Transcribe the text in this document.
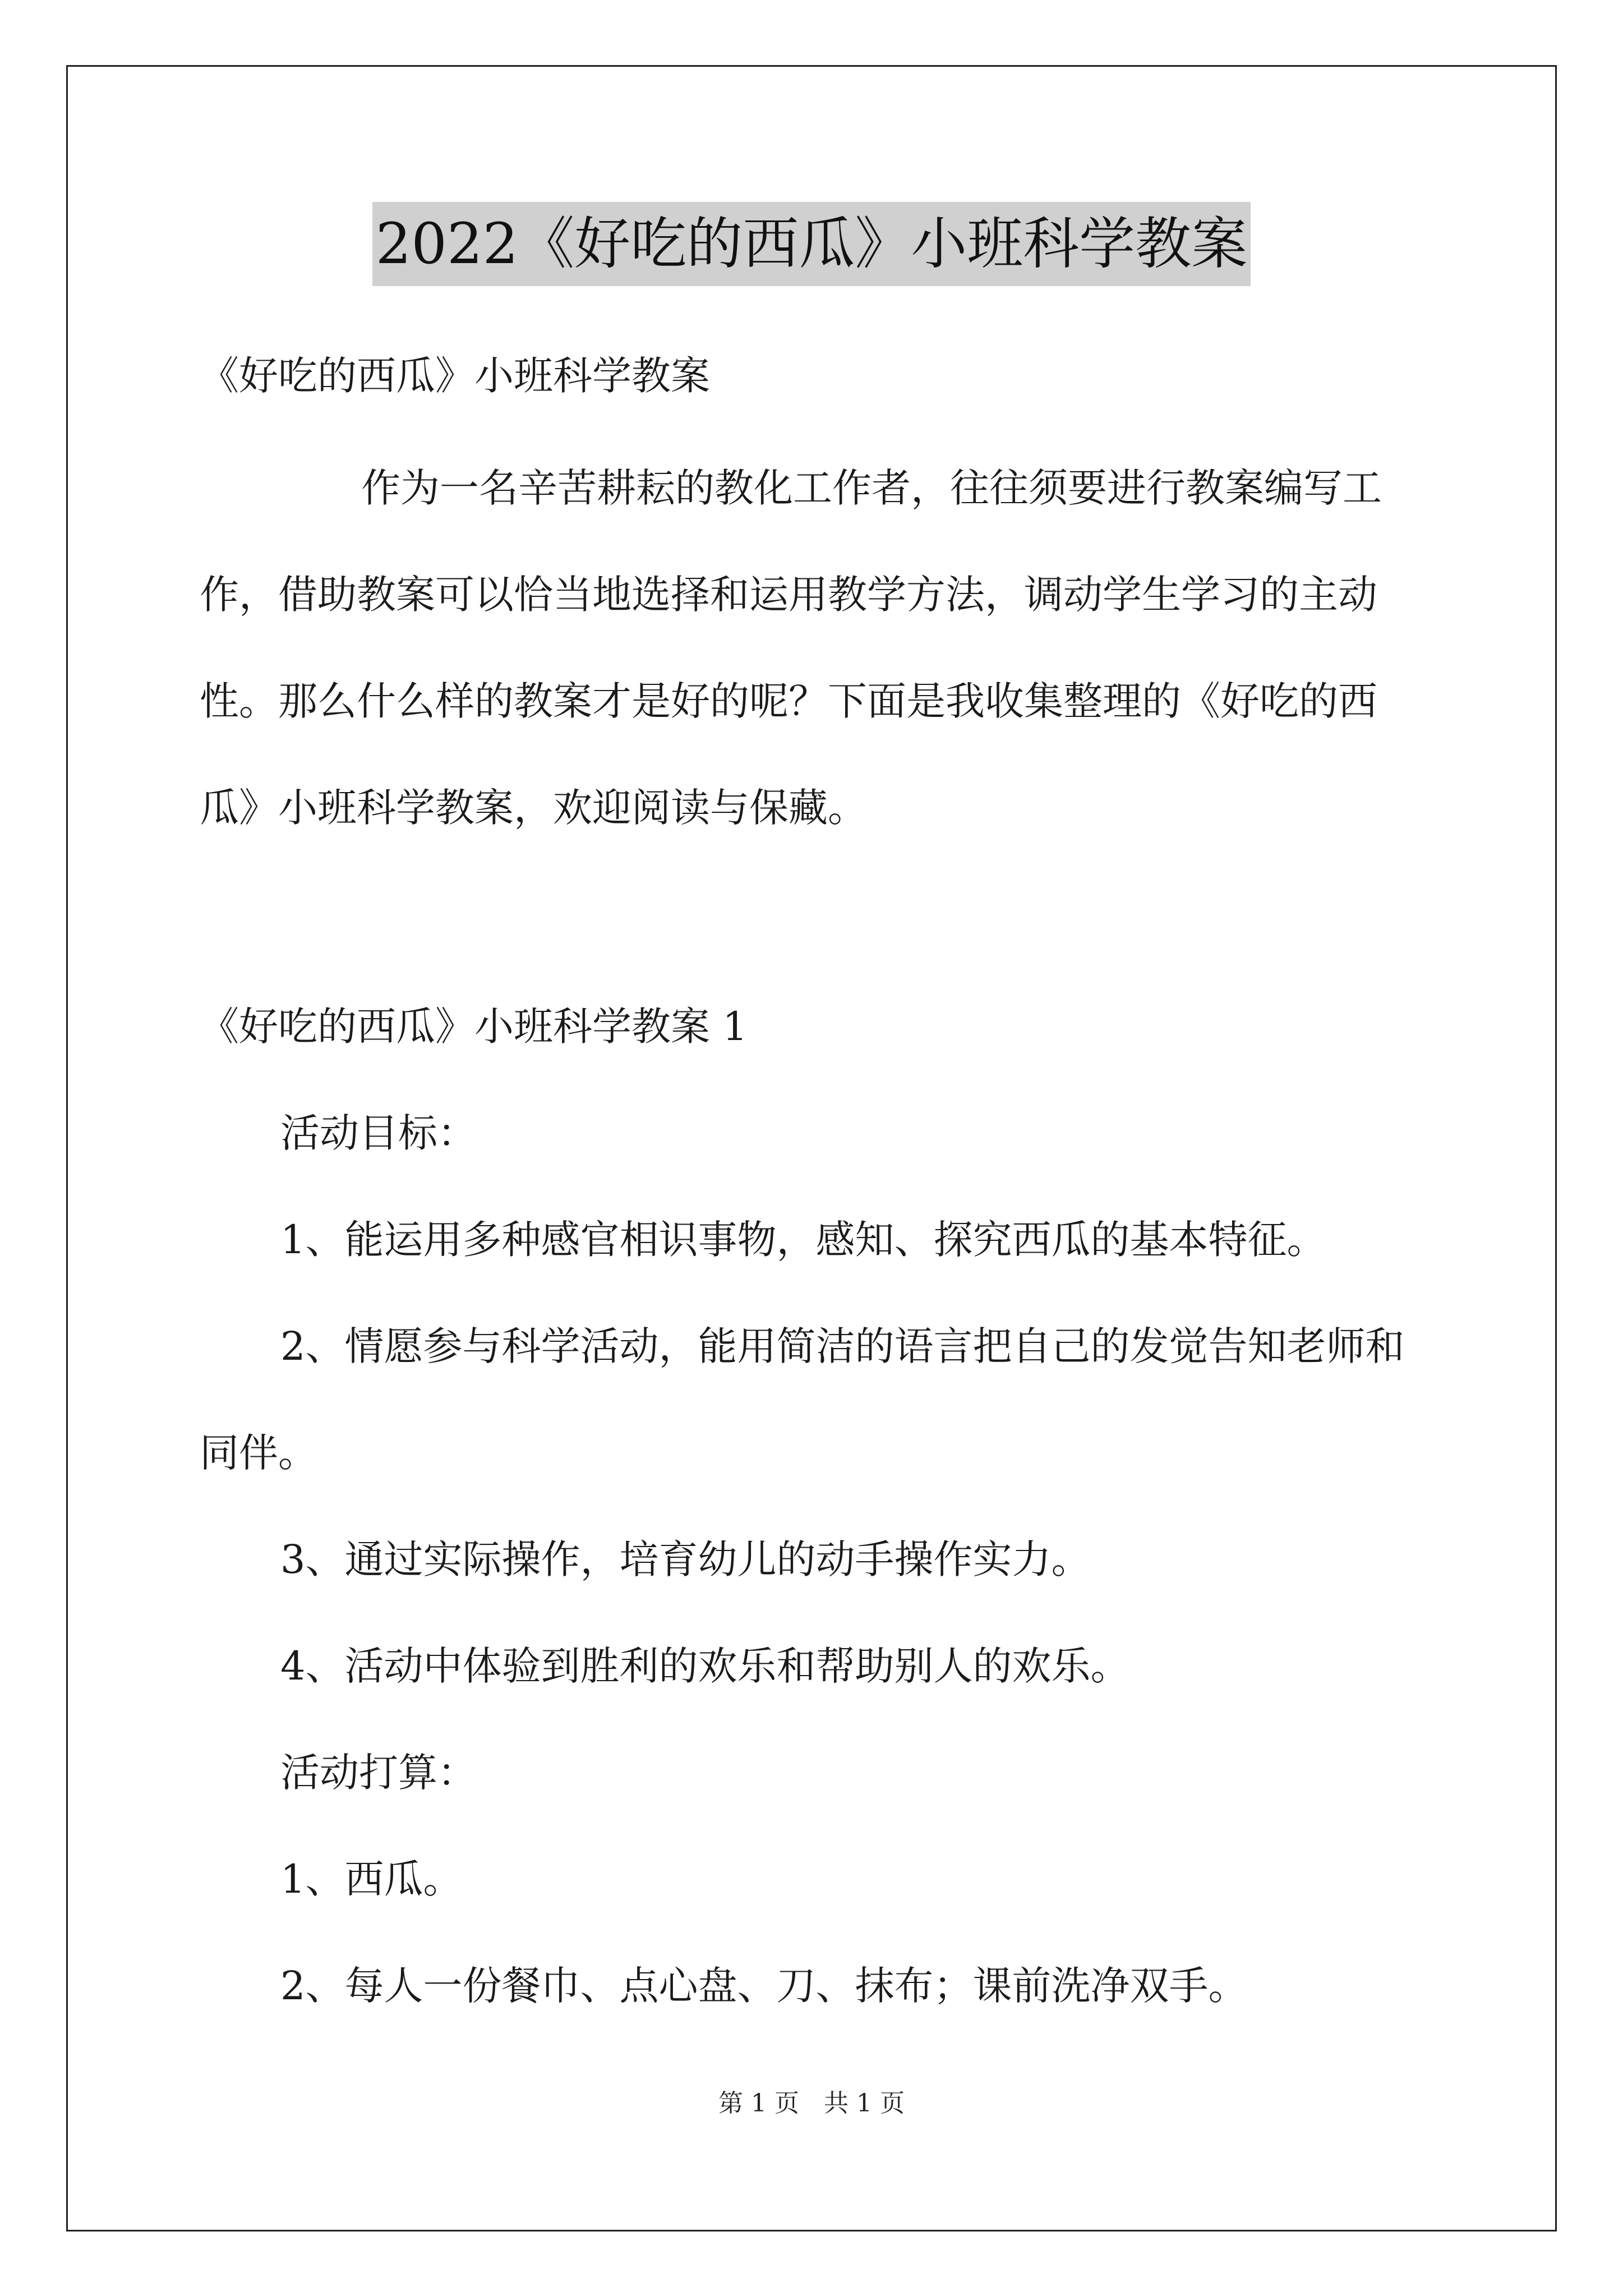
2022《好吃的西瓜》小班科学教案
《好吃的西瓜》小班科学教案
作为一名辛苦耕耘的教化工作者，往往须要进行教案编写工
作，借助教案可以恰当地选择和运用教学方法，调动学生学习的主动
性。那么什么样的教案才是好的呢？下面是我收集整理的《好吃的西
瓜》小班科学教案，欢迎阅读与保藏。
《好吃的西瓜》小班科学教案 1
活动目标：
1、能运用多种感官相识事物，感知、探究西瓜的基本特征。
2、情愿参与科学活动，能用简洁的语言把自己的发觉告知老师和
同伴。
3、通过实际操作，培育幼儿的动手操作实力。
4、活动中体验到胜利的欢乐和帮助别人的欢乐。
活动打算：
1、西瓜。
2、每人一份餐巾、点心盘、刀、抹布；课前洗净双手。
第 1 页　共 1 页
